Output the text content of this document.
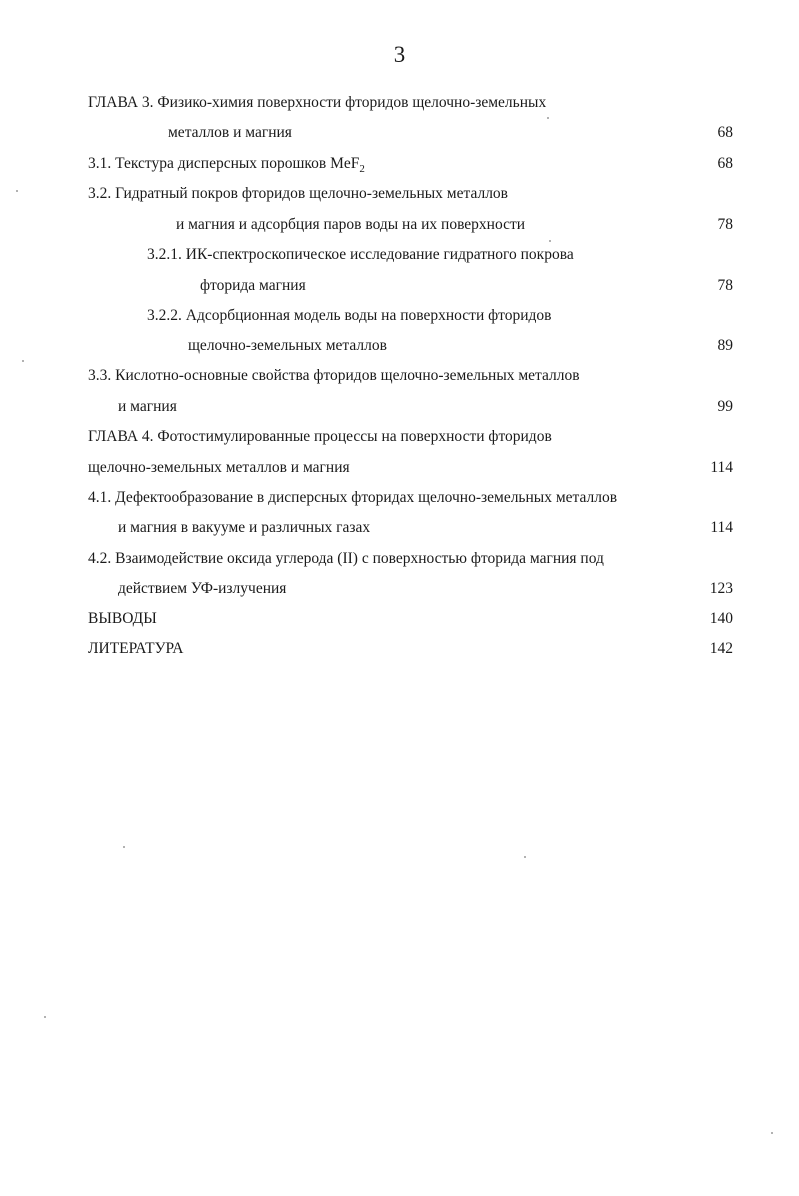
3
ГЛАВА 3. Физико-химия поверхности фторидов щелочно-земельных
металлов и магния	68
3.1. Текстура дисперсных порошков MeF$_2$	68
3.2. Гидратный покров фторидов щелочно-земельных металлов
и магния и адсорбция паров воды на их поверхности	78
3.2.1. ИК-спектроскопическое исследование гидратного покрова
фторида магния	78
3.2.2. Адсорбционная модель воды на поверхности фторидов
щелочно-земельных металлов	89
3.3. Кислотно-основные свойства фторидов щелочно-земельных металлов
и магния	99
ГЛАВА 4. Фотостимулированные процессы на поверхности фторидов
щелочно-земельных металлов и магния	114
4.1. Дефектообразование в дисперсных фторидах щелочно-земельных металлов
и магния в вакууме и различных газах	114
4.2. Взаимодействие оксида углерода (II) с поверхностью фторида магния под
действием УФ-излучения	123
ВЫВОДЫ	140
ЛИТЕРАТУРА	142
